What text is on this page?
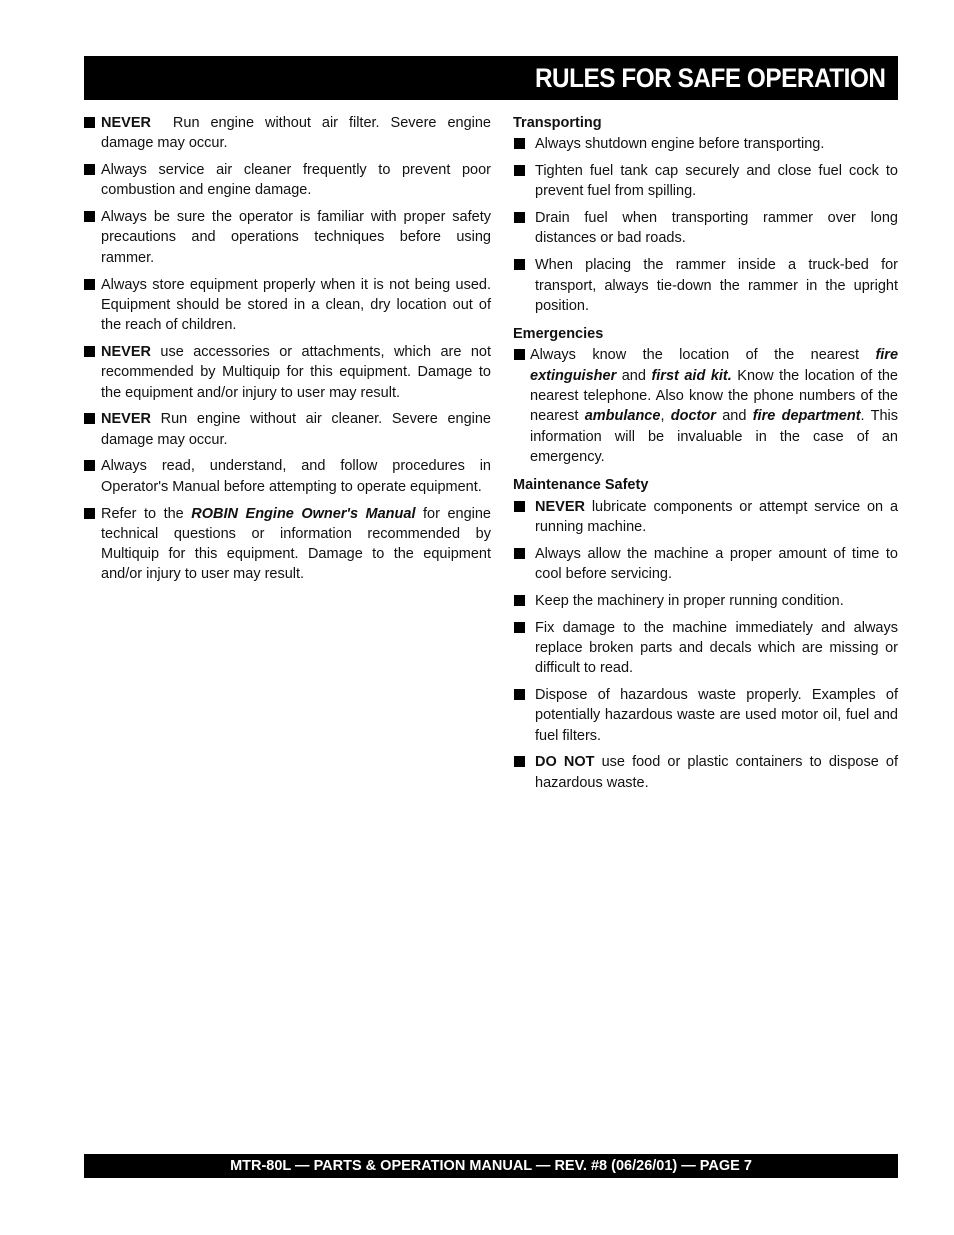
RULES FOR SAFE OPERATION
NEVER Run engine without air filter. Severe engine damage may occur.
Always service air cleaner frequently to prevent poor combustion and engine damage.
Always be sure the operator is familiar with proper safety precautions and operations techniques before using rammer.
Always store equipment properly when it is not being used. Equipment should be stored in a clean, dry location out of the reach of children.
NEVER use accessories or attachments, which are not recommended by Multiquip for this equipment. Damage to the equipment and/or injury to user may result.
NEVER Run engine without air cleaner. Severe engine damage may occur.
Always read, understand, and follow procedures in Operator's Manual before attempting to operate equipment.
Refer to the ROBIN Engine Owner's Manual for engine technical questions or information recommended by Multiquip for this equipment. Damage to the equipment and/or injury to user may result.
Transporting
Always shutdown engine before transporting.
Tighten fuel tank cap securely and close fuel cock to prevent fuel from spilling.
Drain fuel when transporting rammer over long distances or bad roads.
When placing the rammer inside a truck-bed for transport, always tie-down the rammer in the upright position.
Emergencies
Always know the location of the nearest fire extinguisher and first aid kit. Know the location of the nearest telephone. Also know the phone numbers of the nearest ambulance, doctor and fire department. This information will be invaluable in the case of an emergency.
Maintenance Safety
NEVER lubricate components or attempt service on a running machine.
Always allow the machine a proper amount of time to cool before servicing.
Keep the machinery in proper running condition.
Fix damage to the machine immediately and always replace broken parts and decals which are missing or difficult to read.
Dispose of hazardous waste properly. Examples of potentially hazardous waste are used motor oil, fuel and fuel filters.
DO NOT use food or plastic containers to dispose of hazardous waste.
MTR-80L — PARTS & OPERATION MANUAL — REV. #8 (06/26/01) — PAGE 7
